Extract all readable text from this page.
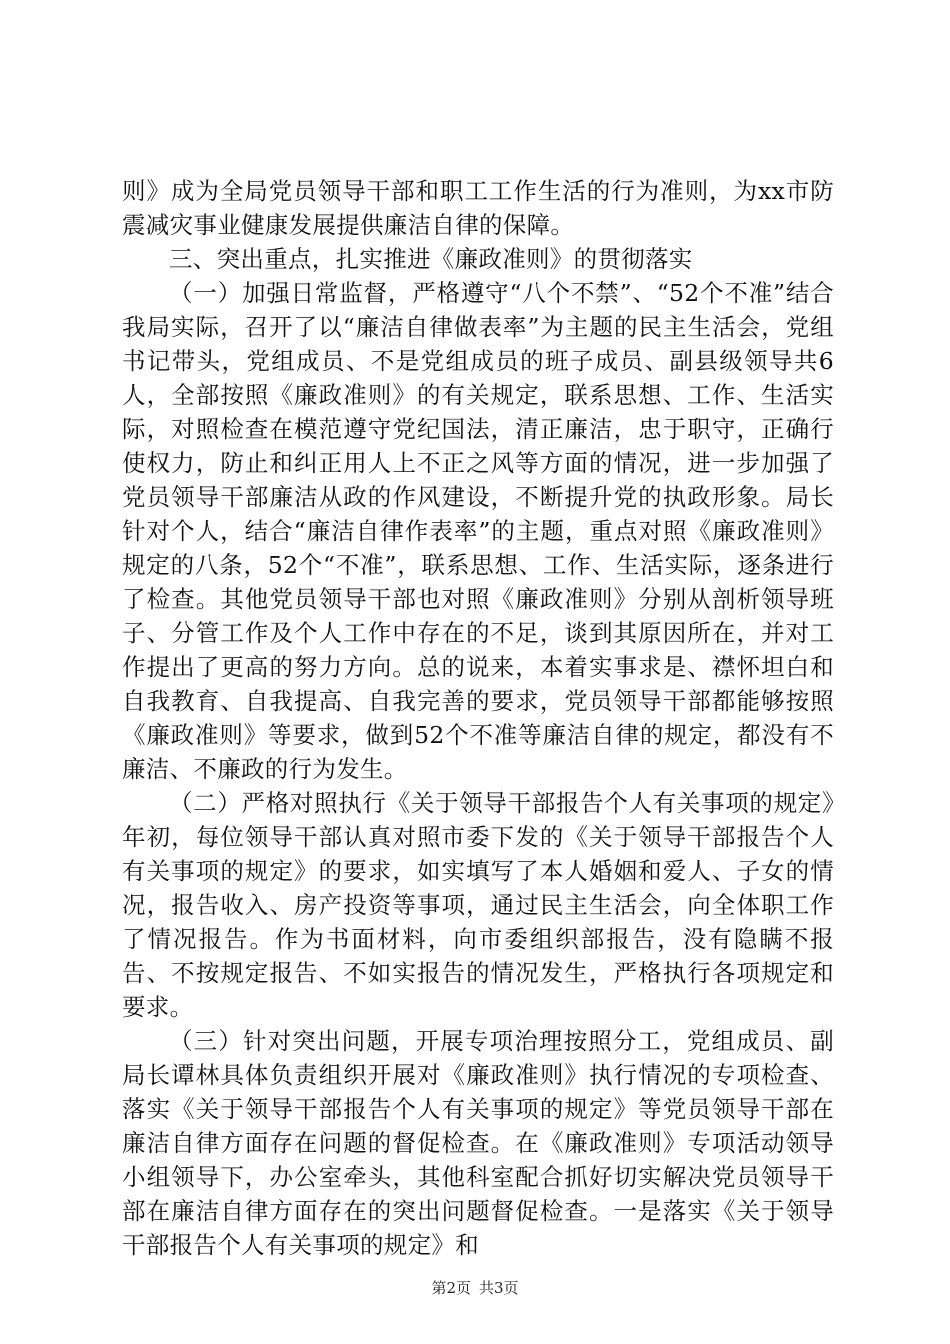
则》成为全局党员领导干部和职工工作生活的行为准则，为xx市防震减灾事业健康发展提供廉洁自律的保障。

三、突出重点，扎实推进《廉政准则》的贯彻落实

（一）加强日常监督，严格遵守“八个不禁”、“52个不准”结合我局实际，召开了以“廉洁自律做表率”为主题的民主生活会，党组书记带头，党组成员、不是党组成员的班子成员、副县级领导共6人，全部按照《廉政准则》的有关规定，联系思想、工作、生活实际，对照检查在模范遵守党纪国法，清正廉洁，忠于职守，正确行使权力，防止和纠正用人上不正之风等方面的情况，进一步加强了党员领导干部廉洁从政的作风建设，不断提升党的执政形象。局长针对个人，结合“廉洁自律作表率”的主题，重点对照《廉政准则》规定的八条，52个“不准”，联系思想、工作、生活实际，逐条进行了检查。其他党员领导干部也对照《廉政准则》分别从剖析领导班子、分管工作及个人工作中存在的不足，谈到其原因所在，并对工作提出了更高的努力方向。总的说来，本着实事求是、襟怀坦白和自我教育、自我提高、自我完善的要求，党员领导干部都能够按照《廉政准则》等要求，做到52个不准等廉洁自律的规定，都没有不廉洁、不廉政的行为发生。

（二）严格对照执行《关于领导干部报告个人有关事项的规定》年初，每位领导干部认真对照市委下发的《关于领导干部报告个人有关事项的规定》的要求，如实填写了本人婚姻和爱人、子女的情况，报告收入、房产投资等事项，通过民主生活会，向全体职工作了情况报告。作为书面材料，向市委组织部报告，没有隐瞒不报告、不按规定报告、不如实报告的情况发生，严格执行各项规定和要求。

（三）针对突出问题，开展专项治理按照分工，党组成员、副局长谭林具体负责组织开展对《廉政准则》执行情况的专项检查、落实《关于领导干部报告个人有关事项的规定》等党员领导干部在廉洁自律方面存在问题的督促检查。在《廉政准则》专项活动领导小组领导下，办公室牵头，其他科室配合抓好切实解决党员领导干部在廉洁自律方面存在的突出问题督促检查。一是落实《关于领导干部报告个人有关事项的规定》和

第2页 共3页
